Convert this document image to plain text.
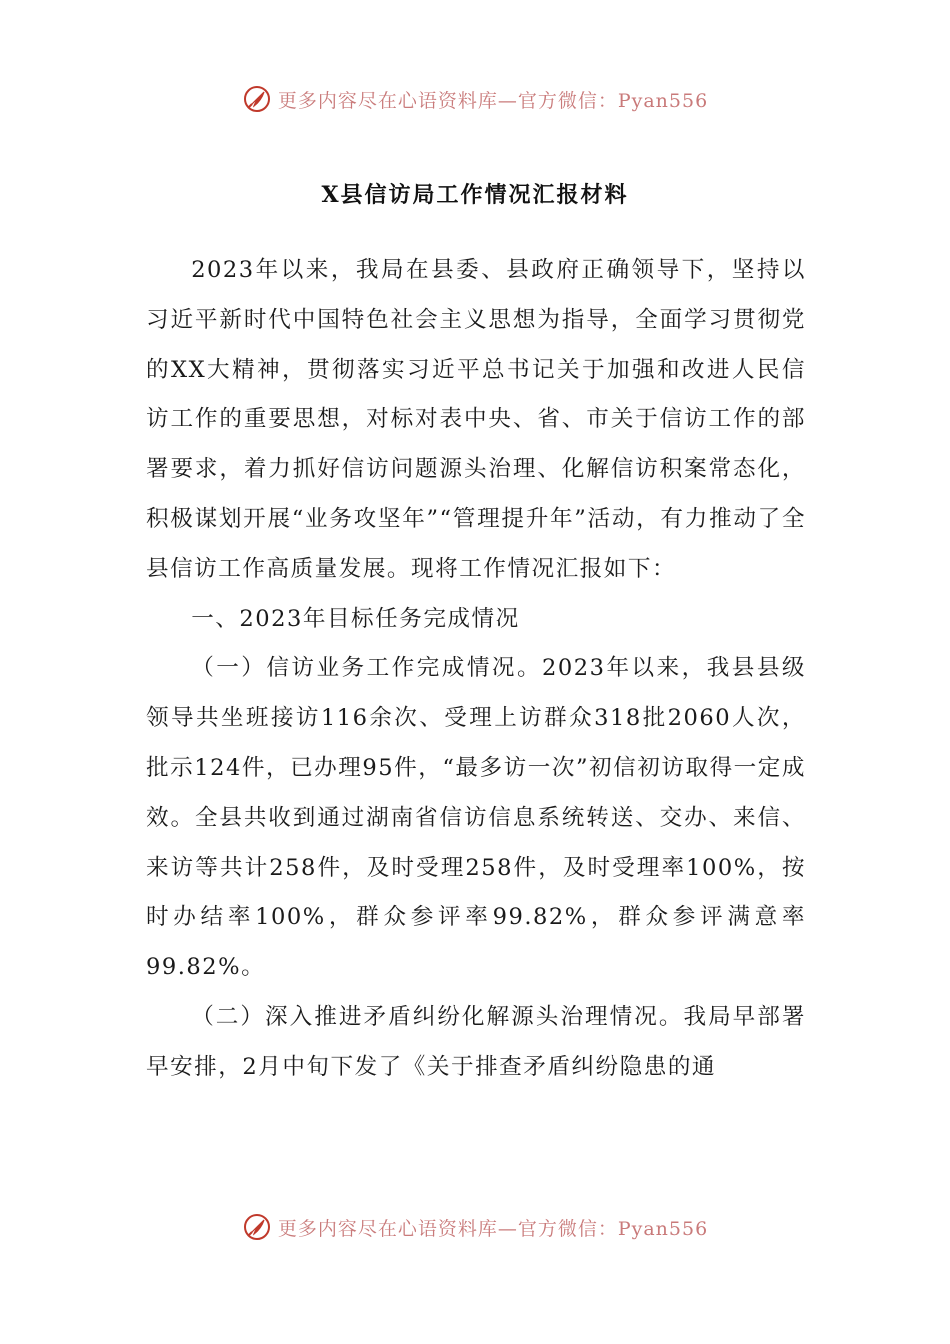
更多内容尽在心语资料库—官方微信：Pyan556
X县信访局工作情况汇报材料

2023年以来，我局在县委、县政府正确领导下，坚持以习近平新时代中国特色社会主义思想为指导，全面学习贯彻党的XX大精神，贯彻落实习近平总书记关于加强和改进人民信访工作的重要思想，对标对表中央、省、市关于信访工作的部署要求，着力抓好信访问题源头治理、化解信访积案常态化，积极谋划开展“业务攻坚年”“管理提升年”活动，有力推动了全县信访工作高质量发展。现将工作情况汇报如下：

一、2023年目标任务完成情况

（一）信访业务工作完成情况。2023年以来，我县县级领导共坐班接访116余次、受理上访群众318批2060人次，批示124件，已办理95件，“最多访一次”初信初访取得一定成效。全县共收到通过湖南省信访信息系统转送、交办、来信、来访等共计258件，及时受理258件，及时受理率100%，按时办结率100%，群众参评率99.82%，群众参评满意率99.82%。

（二）深入推进矛盾纠纷化解源头治理情况。我局早部署早安排，2月中旬下发了《关于排查矛盾纠纷隐患的通

更多内容尽在心语资料库—官方微信：Pyan556
